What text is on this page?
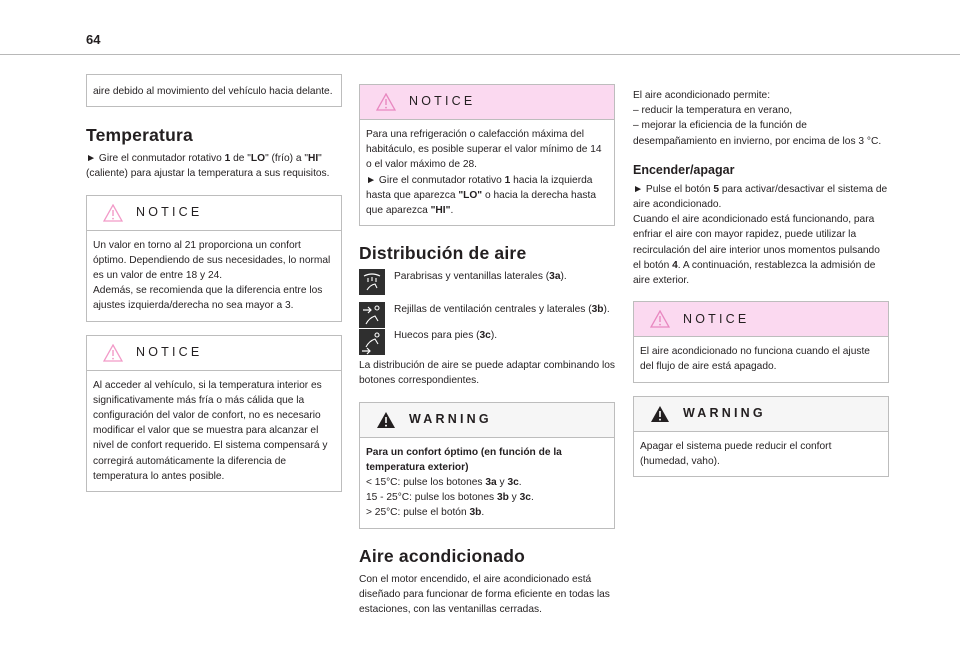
64

aire debido al movimiento del vehículo hacia delante.

Temperatura

► Gire el conmutador rotativo 1 de "LO" (frío) a "HI" (caliente) para ajustar la temperatura a sus requisitos.

NOTICE

Un valor en torno al 21 proporciona un confort óptimo. Dependiendo de sus necesidades, lo normal es un valor de entre 18 y 24.

Además, se recomienda que la diferencia entre los ajustes izquierda/derecha no sea mayor a 3.

NOTICE

Al acceder al vehículo, si la temperatura interior es significativamente más fría o más cálida que la configuración del valor de confort, no es necesario modificar el valor que se muestra para alcanzar el nivel de confort requerido. El sistema compensará y corregirá automáticamente la diferencia de temperatura lo antes posible.

NOTICE

Para una refrigeración o calefacción máxima del habitáculo, es posible superar el valor mínimo de 14 o el valor máximo de 28.

► Gire el conmutador rotativo 1 hacia la izquierda hasta que aparezca "LO" o hacia la derecha hasta que aparezca "HI".

Distribución de aire

Parabrisas y ventanillas laterales (3a).

Rejillas de ventilación centrales y laterales (3b).

Huecos para pies (3c).

La distribución de aire se puede adaptar combinando los botones correspondientes.

WARNING

Para un confort óptimo (en función de la temperatura exterior)

< 15°C: pulse los botones 3a y 3c.

15 - 25°C: pulse los botones 3b y 3c.

> 25°C: pulse el botón 3b.

Aire acondicionado

Con el motor encendido, el aire acondicionado está diseñado para funcionar de forma eficiente en todas las estaciones, con las ventanillas cerradas.

El aire acondicionado permite:

– reducir la temperatura en verano,

– mejorar la eficiencia de la función de desempañamiento en invierno, por encima de los 3 °C.

Encender/apagar

► Pulse el botón 5 para activar/desactivar el sistema de aire acondicionado.

Cuando el aire acondicionado está funcionando, para enfriar el aire con mayor rapidez, puede utilizar la recirculación del aire interior unos momentos pulsando el botón 4. A continuación, restablezca la admisión de aire exterior.

NOTICE

El aire acondicionado no funciona cuando el ajuste del flujo de aire está apagado.

WARNING

Apagar el sistema puede reducir el confort (humedad, vaho).
